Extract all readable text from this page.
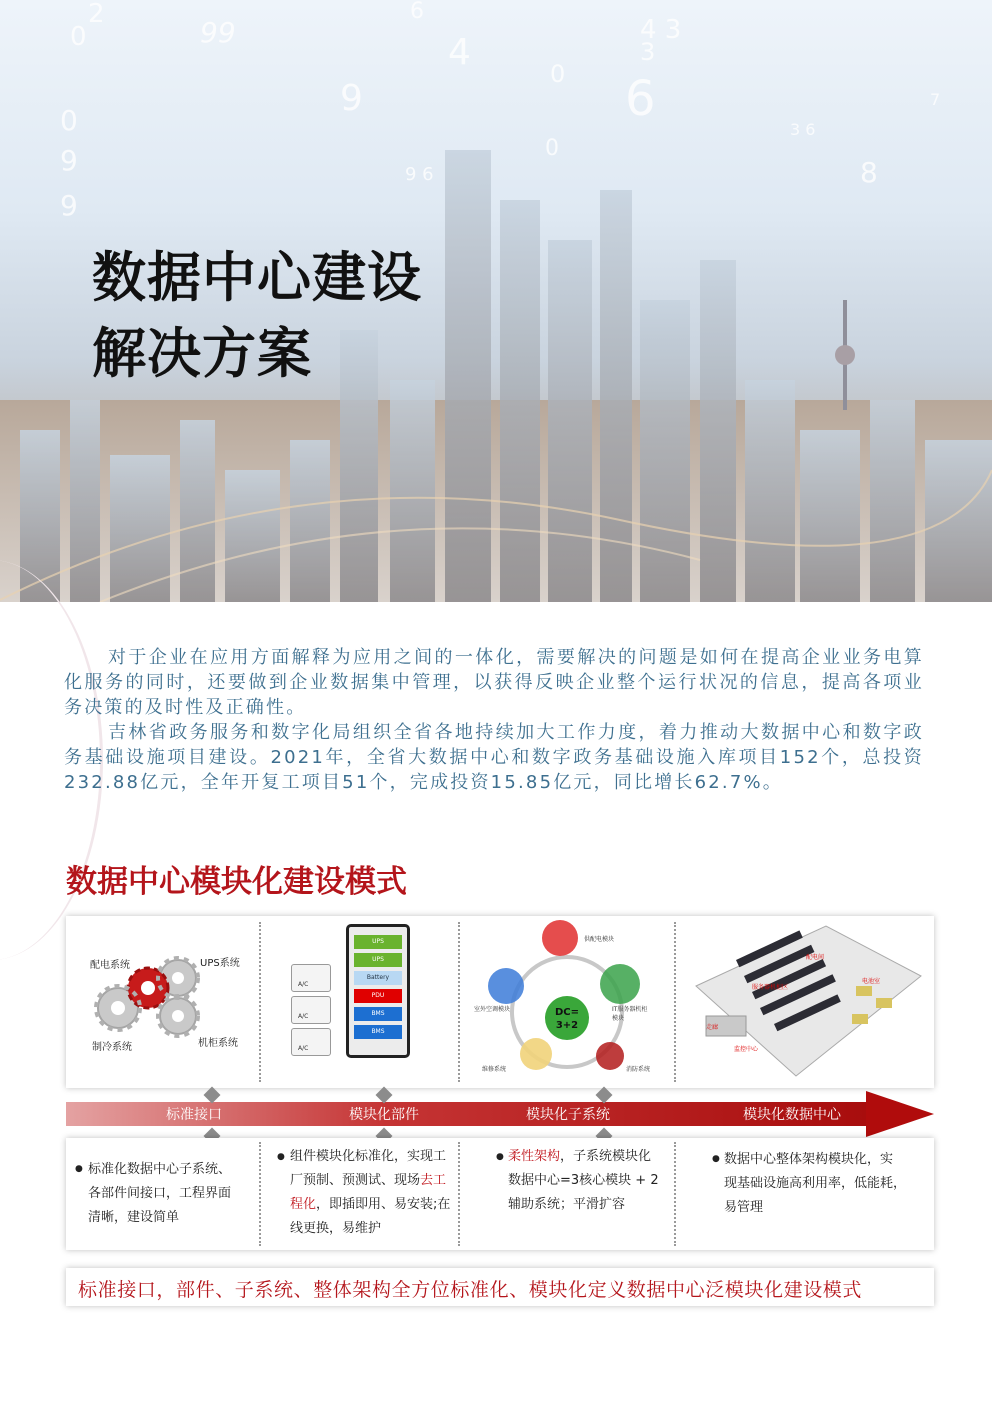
2
99
0
6
4
9	6
4 3
3
0
8
7
0
9
9
3 6
9 6
0
数据中心建设
解决方案

对于企业在应用方面解释为应用之间的一体化，需要解决的问题是如何在提高企业业务电算化服务的同时，还要做到企业数据集中管理，以获得反映企业整个运行状况的信息，提高各项业务决策的及时性及正确性。

吉林省政务服务和数字化局组织全省各地持续加大工作力度，着力推动大数据中心和数字政务基础设施项目建设。2021年，全省大数据中心和数字政务基础设施入库项目152个，总投资232.88亿元，全年开复工项目51个，完成投资15.85亿元，同比增长62.7%。

数据中心模块化建设模式
配电系统	UPS系统
制冷系统	机柜系统
A/C
A/C
A/C
UPS
UPS
Battery
PDU
BMS
BMS
DC=
3+2
供配电模块
室外空调模块	IT服务器机柜模块
维修系统	消防系统
配电间
服务器机柜区
电池室
监控中心
走廊
标准接口	模块化部件	模块化子系统	模块化数据中心
● 标准化数据中心子系统、
各部件间接口，工程界面
清晰，建设简单
● 组件模块化标准化，实现工
厂预制、预测试、现场去工
程化，即插即用、易安装;在
线更换，易维护
● 柔性架构，子系统模块化
数据中心=3核心模块 + 2
辅助系统；平滑扩容
● 数据中心整体架构模块化，实
现基础设施高利用率，低能耗，
易管理
标准接口，部件、子系统、整体架构全方位标准化、模块化定义数据中心泛模块化建设模式
